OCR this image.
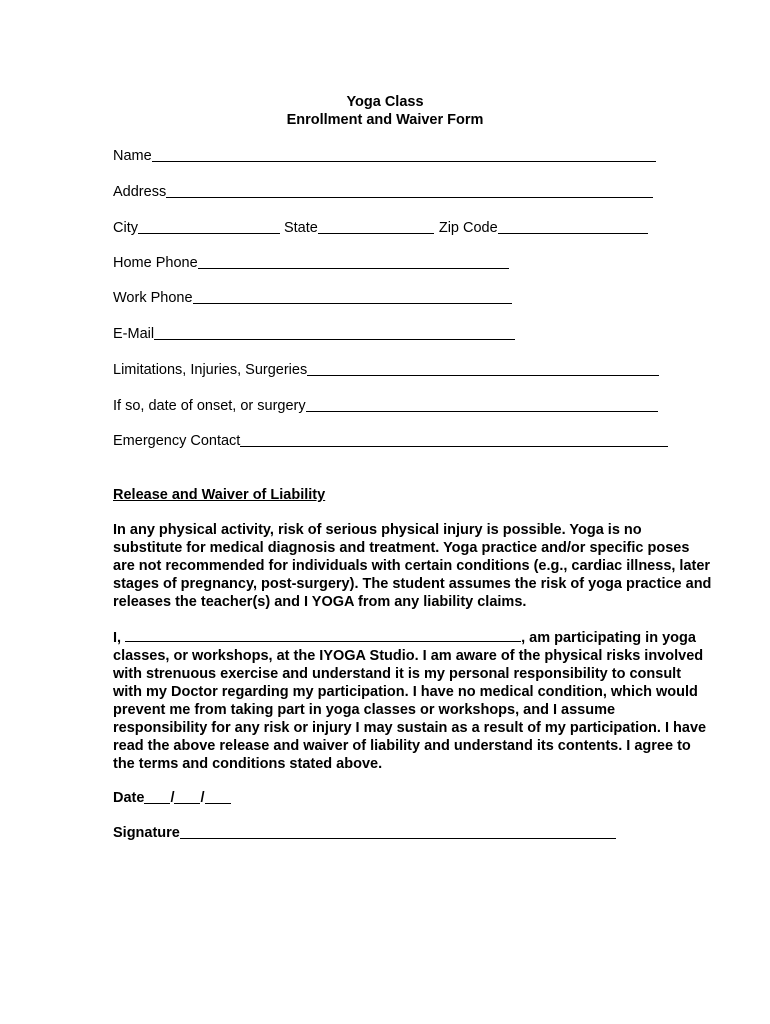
Yoga Class
Enrollment and Waiver Form
Name
Address
City	State	Zip Code
Home Phone
Work Phone
E-Mail
Limitations, Injuries, Surgeries
If so, date of onset, or surgery
Emergency Contact
Release and Waiver of Liability

In any physical activity, risk of serious physical injury is possible. Yoga is no substitute for medical diagnosis and treatment. Yoga practice and/or specific poses are not recommended for individuals with certain conditions (e.g., cardiac illness, later stages of pregnancy, post-surgery). The student assumes the risk of yoga practice and releases the teacher(s) and I YOGA from any liability claims.

I,	, am participating in yoga classes, or workshops, at the IYOGA Studio. I am aware of the physical risks involved with strenuous exercise and understand it is my personal responsibility to consult with my Doctor regarding my participation. I have no medical condition, which would prevent me from taking part in yoga classes or workshops, and I assume responsibility for any risk or injury I may sustain as a result of my participation. I have read the above release and waiver of liability and understand its contents. I agree to the terms and conditions stated above.

Date / /
Signature
